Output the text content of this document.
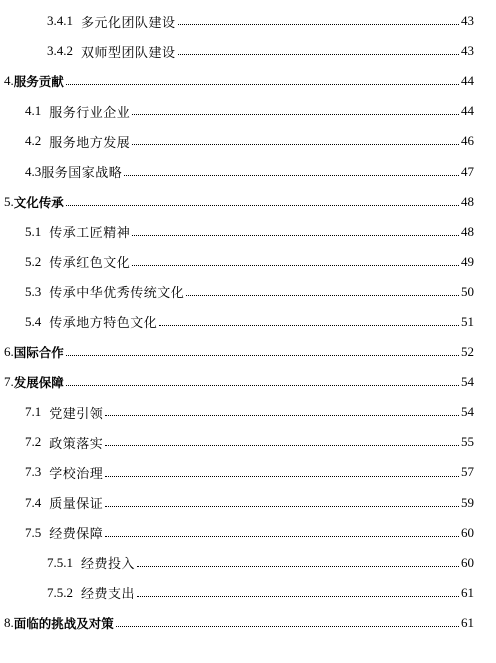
3.4.1 多元化团队建设	43
3.4.2 双师型团队建设	43
4. 服务贡献	44
4.1 服务行业企业	44
4.2 服务地方发展	46
4.3 服务国家战略	47
5. 文化传承	48
5.1 传承工匠精神	48
5.2 传承红色文化	49
5.3 传承中华优秀传统文化	50
5.4 传承地方特色文化	51
6. 国际合作	52
7. 发展保障	54
7.1 党建引领	54
7.2 政策落实	55
7.3 学校治理	57
7.4 质量保证	59
7.5 经费保障	60
7.5.1 经费投入	60
7.5.2 经费支出	61
8. 面临的挑战及对策	61
